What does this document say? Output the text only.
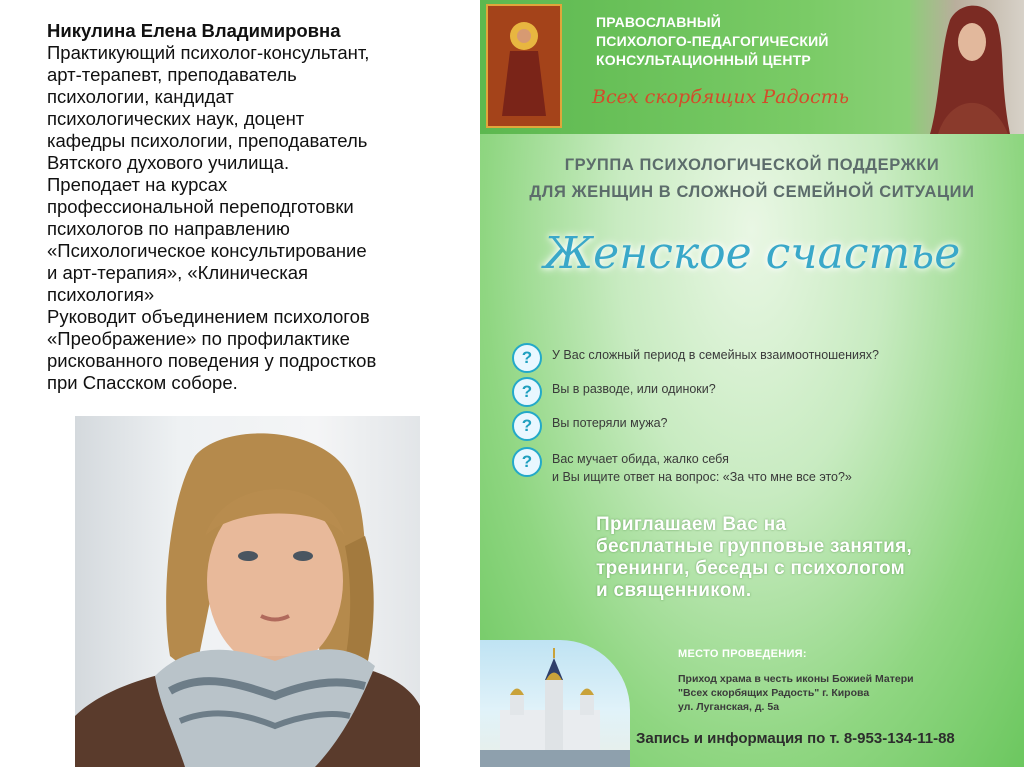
Никулина Елена Владимировна
Практикующий психолог-консультант,
арт-терапевт, преподаватель
психологии, кандидат
психологических наук, доцент
кафедры психологии, преподаватель
Вятского духового училища.
Преподает на курсах
профессиональной переподготовки
психологов по направлению
«Психологическое консультирование
и арт-терапия», «Клиническая
психология»
Руководит объединением психологов
«Преображение» по профилактике
рискованного поведения у подростков
при Спасском соборе.
ПРАВОСЛАВНЫЙ
ПСИХОЛОГО-ПЕДАГОГИЧЕСКИЙ
КОНСУЛЬТАЦИОННЫЙ ЦЕНТР
Всех скорбящих Радость
ГРУППА ПСИХОЛОГИЧЕСКОЙ ПОДДЕРЖКИ
ДЛЯ ЖЕНЩИН В СЛОЖНОЙ СЕМЕЙНОЙ СИТУАЦИИ
Женское счастье
?	У Вас сложный период в семейных взаимоотношениях?
?	Вы в разводе, или одиноки?
?	Вы потеряли мужа?
?	Вас мучает обида, жалко себя
и Вы ищите ответ на вопрос: «За что мне все это?»
Приглашаем Вас на
бесплатные групповые занятия,
тренинги, беседы с психологом
и священником.
МЕСТО ПРОВЕДЕНИЯ:
Приход храма в честь иконы Божией Матери
"Всех скорбящих Радость" г. Кирова
ул. Луганская, д. 5а
Запись и информация по т. 8-953-134-11-88
